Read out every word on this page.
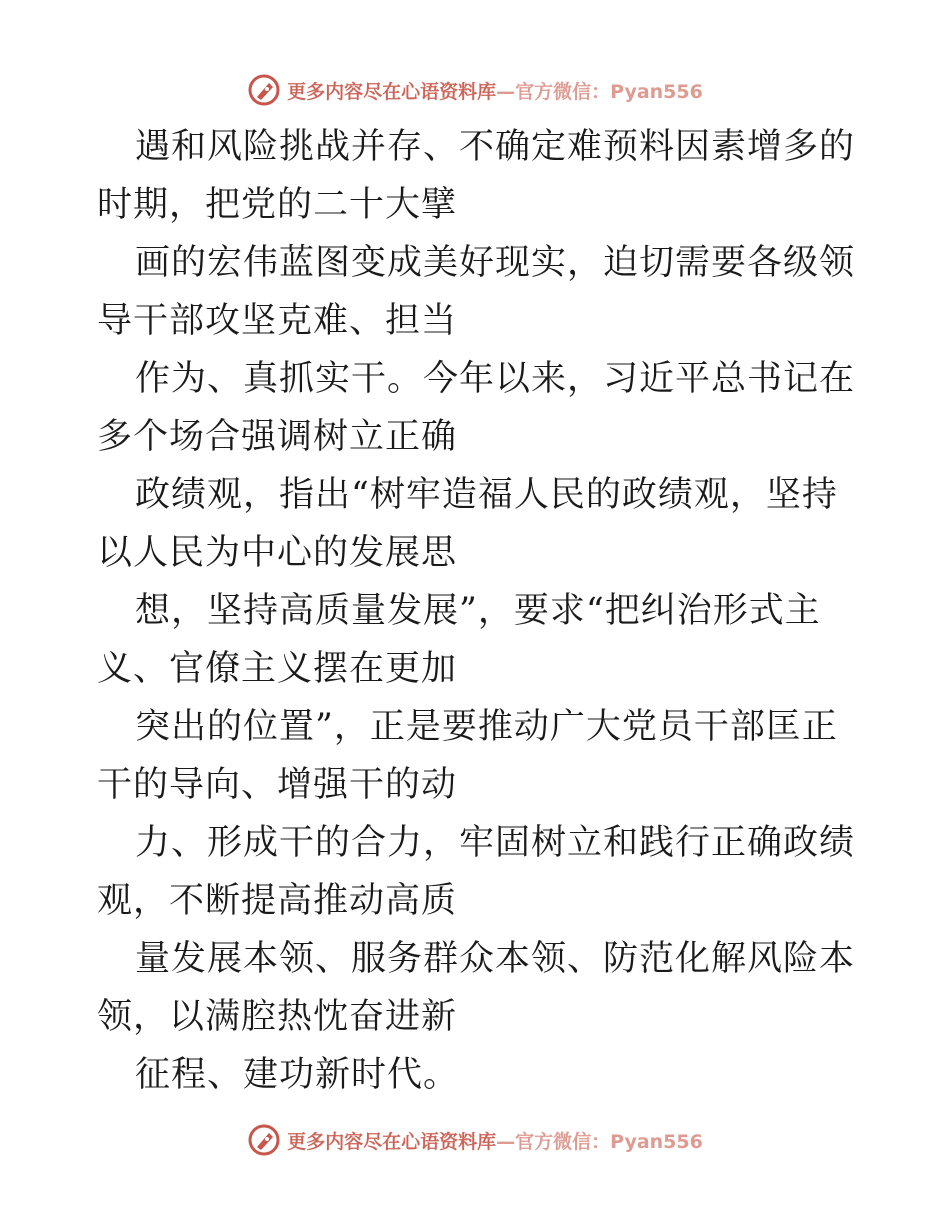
更多内容尽在心语资料库 —官方微信：Pyan556

遇和风险挑战并存、不确定难预料因素增多的时期，把党的二十大擘

画的宏伟蓝图变成美好现实，迫切需要各级领导干部攻坚克难、担当

作为、真抓实干。今年以来，习近平总书记在多个场合强调树立正确

政绩观，指出“树牢造福人民的政绩观，坚持以人民为中心的发展思

想，坚持高质量发展”，要求“把纠治形式主义、官僚主义摆在更加

突出的位置”，正是要推动广大党员干部匡正干的导向、增强干的动

力、形成干的合力，牢固树立和践行正确政绩观，不断提高推动高质

量发展本领、服务群众本领、防范化解风险本领，以满腔热忱奋进新

征程、建功新时代。

更多内容尽在心语资料库 —官方微信：Pyan556
